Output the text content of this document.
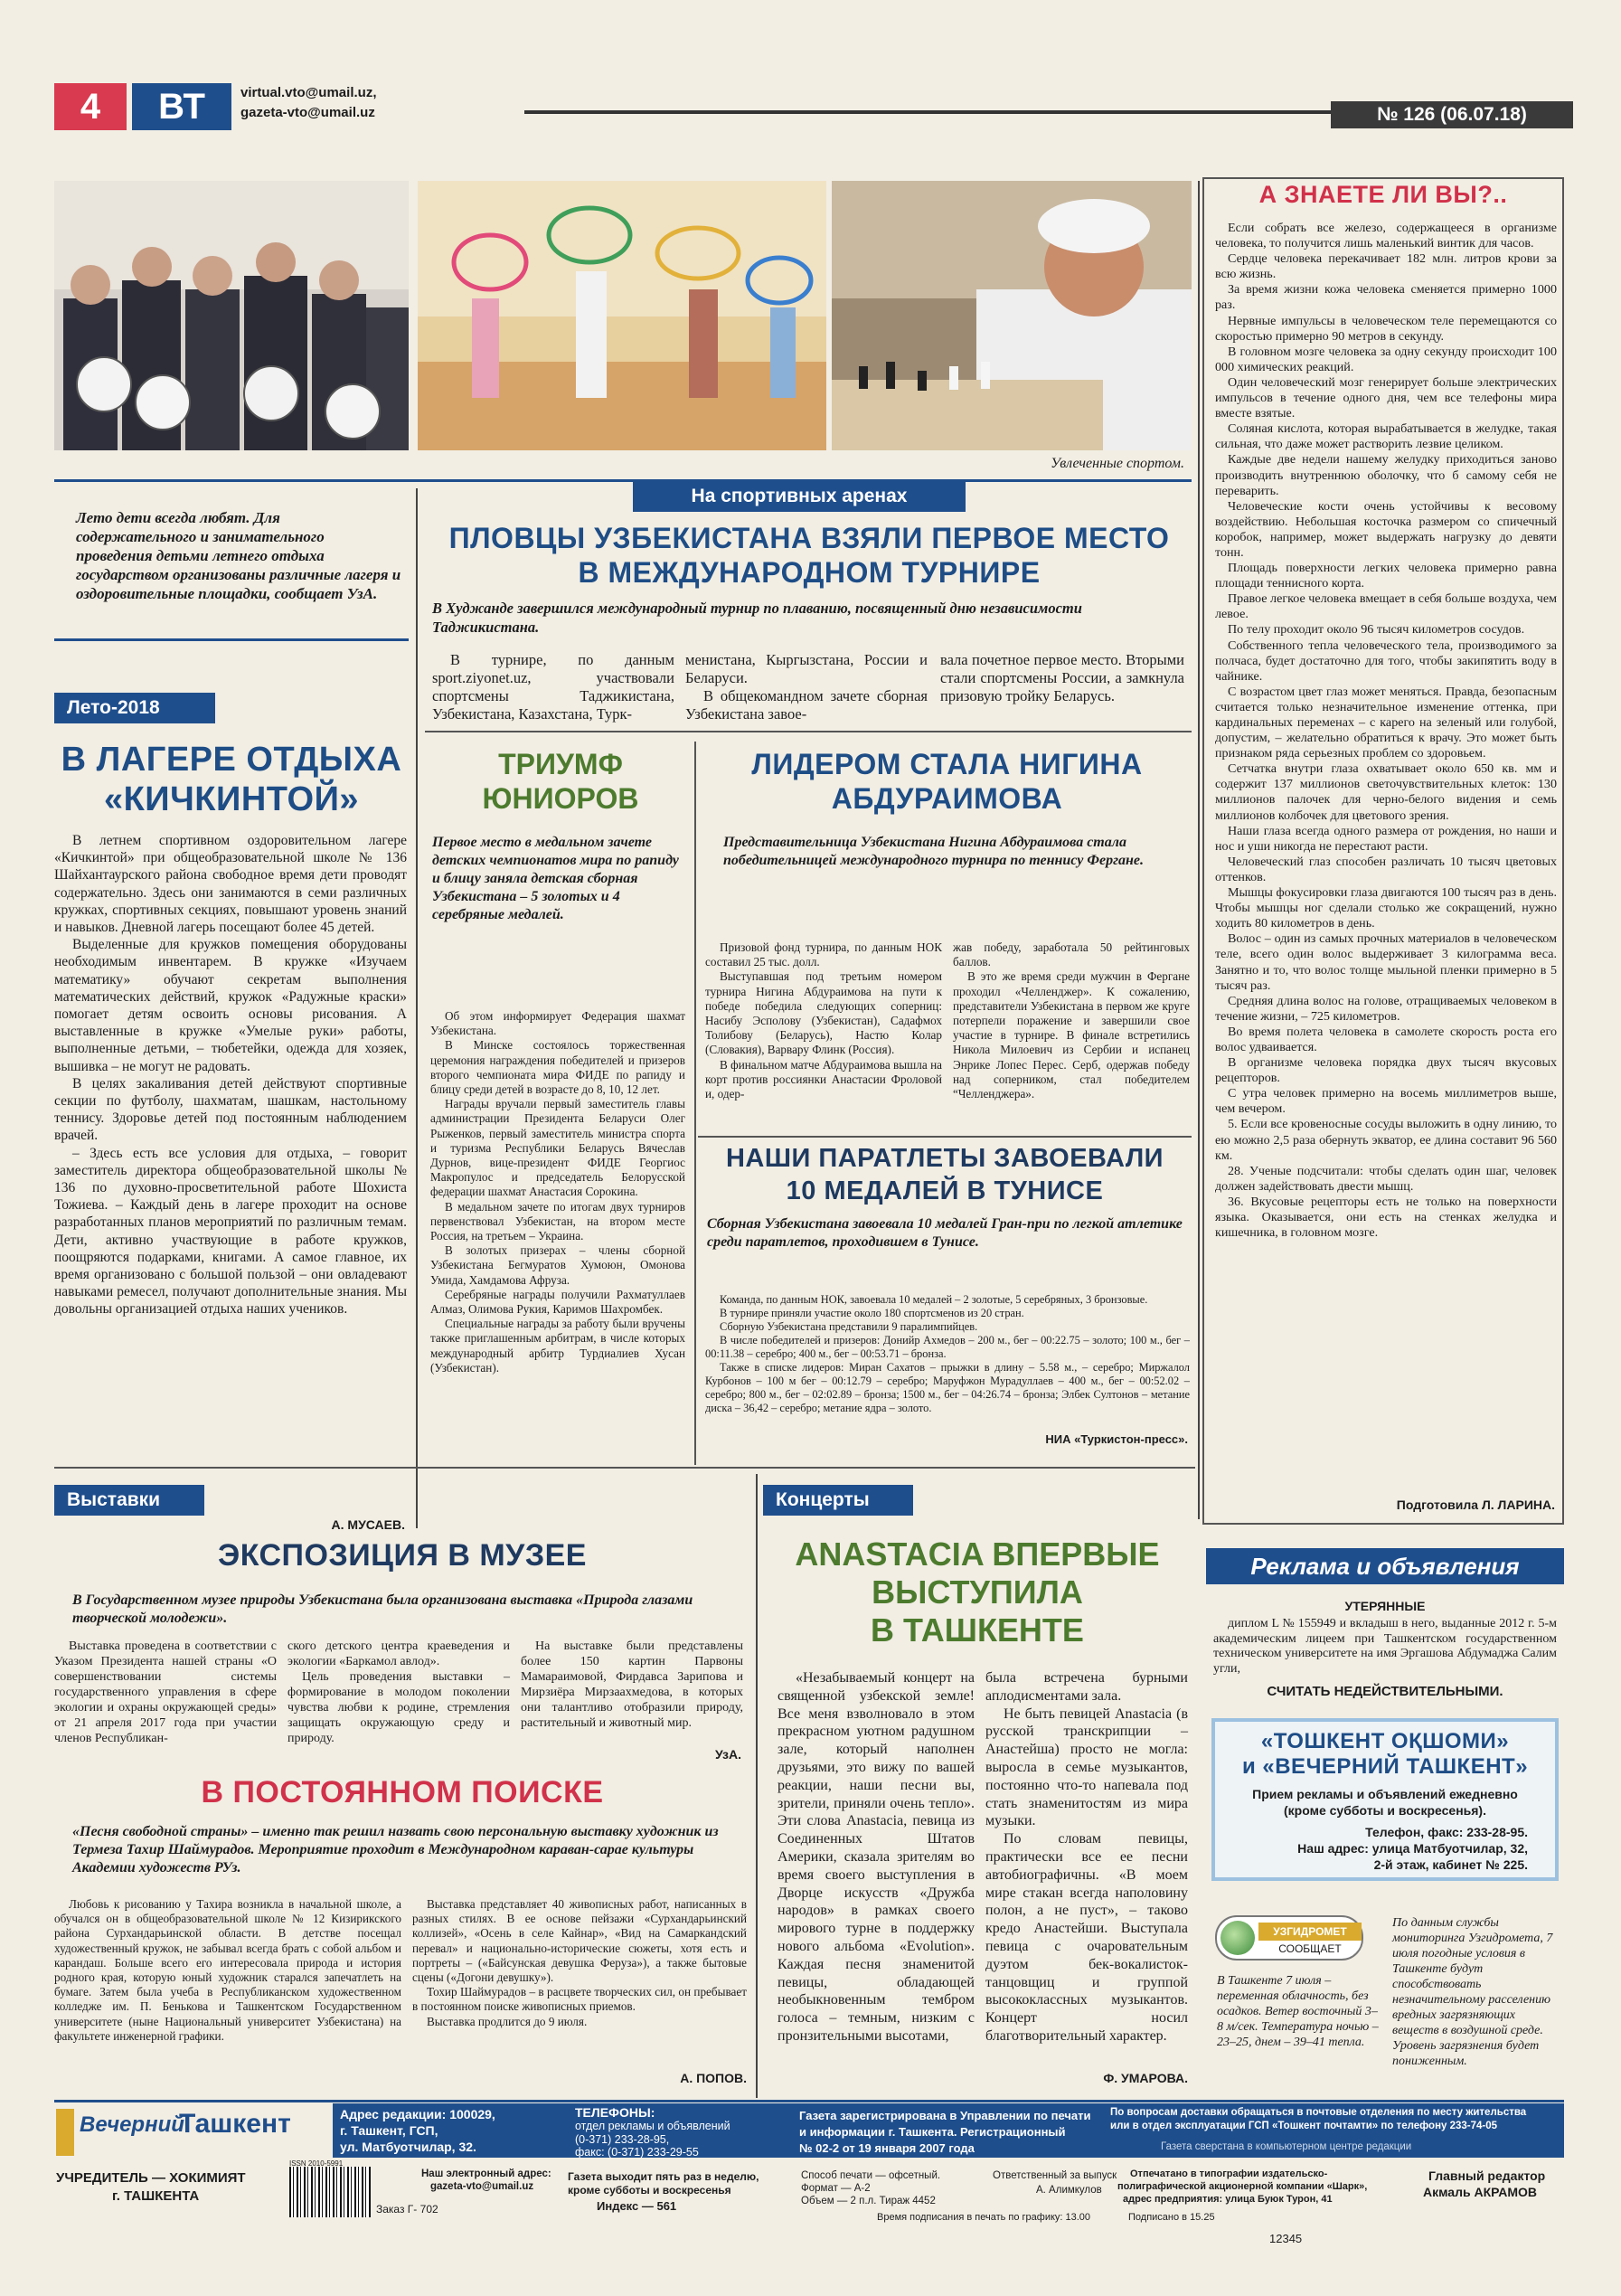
4	ВТ	virtual.vto@umail.uz,
gazeta-vto@umail.uz	№ 126 (06.07.18)
Фото
Увлеченные спортом.
Лето дети всегда любят. Для содержательного и занимательного проведения детьми летнего отдыха государством организованы различные лагеря и оздоровительные площадки, сообщает УзА.
Лето-2018
В ЛАГЕРЕ ОТДЫХА
«КИЧКИНТОЙ»

В летнем спортивном оздоровительном лагере «Кичкинтой» при общеобразовательной школе № 136 Шайхантаурского района свободное время дети проводят содержательно. Здесь они занимаются в семи различных кружках, спортивных секциях, повышают уровень знаний и навыков. Дневной лагерь посещают более 45 детей.

Выделенные для кружков помещения оборудованы необходимым инвентарем. В кружке «Изучаем математику» обучают секретам выполнения математических действий, кружок «Радужные краски» помогает детям освоить основы рисования. А выставленные в кружке «Умелые руки» работы, выполненные детьми, – тюбетейки, одежда для хозяек, вышивка – не могут не радовать.

В целях закаливания детей действуют спортивные секции по футболу, шахматам, шашкам, настольному теннису. Здоровье детей под постоянным наблюдением врачей.

– Здесь есть все условия для отдыха, – говорит заместитель директора общеобразовательной школы № 136 по духовно-просветительной работе Шохиста Тожиева. – Каждый день в лагере проходит на основе разработанных планов мероприятий по различным темам. Дети, активно участвующие в работе кружков, поощряются подарками, книгами. А самое главное, их время организовано с большой пользой – они овладевают навыками ремесел, получают дополнительные знания. Мы довольны организацией отдыха наших учеников.

А. МУСАЕВ.
На спортивных аренах
ПЛОВЦЫ УЗБЕКИСТАНА ВЗЯЛИ ПЕРВОЕ МЕСТО
В МЕЖДУНАРОДНОМ ТУРНИРЕ
В Худжанде завершился международный турнир по плаванию, посвященный дню независимости Таджикистана.

В турнире, по данным sport.ziyonet.uz, участвовали спортсмены Таджикистана, Узбекистана, Казахстана, Турк-

менистана, Кыргызстана, России и Беларуси.

В общекомандном зачете сборная Узбекистана завое-

вала почетное первое место. Вторыми стали спортсмены России, а замкнула призовую тройку Беларусь.

ТРИУМФ
ЮНИОРОВ
Первое место в медальном зачете детских чемпионатов мира по рапиду и блицу заняла детская сборная Узбекистана – 5 золотых и 4 серебряные медалей.

Об этом информирует Федерация шахмат Узбекистана.

В Минске состоялось торжественная церемония награждения победителей и призеров второго чемпионата мира ФИДЕ по рапиду и блицу среди детей в возрасте до 8, 10, 12 лет.

Награды вручали первый заместитель главы администрации Президента Беларуси Олег Рыженков, первый заместитель министра спорта и туризма Республики Беларусь Вячеслав Дурнов, вице-президент ФИДЕ Георгиос Макропулос и председатель Белорусской федерации шахмат Анастасия Сорокина.

В медальном зачете по итогам двух турниров первенствовал Узбекистан, на втором месте Россия, на третьем – Украина.

В золотых призерах – члены сборной Узбекистана Бегмуратов Хумоюн, Омонова Умида, Хамдамова Афруза.

Серебряные награды получили Рахматуллаев Алмаз, Олимова Рукия, Каримов Шахромбек.

Специальные награды за работу были вручены также приглашенным арбитрам, в числе которых международный арбитр Турдиалиев Хусан (Узбекистан).

ЛИДЕРОМ СТАЛА НИГИНА
АБДУРАИМОВА
Представительница Узбекистана Нигина Абдураимова стала победительницей международного турнира по теннису Фергане.

Призовой фонд турнира, по данным НОК составил 25 тыс. долл.

Выступавшая под третьим номером турнира Нигина Абдураимова на пути к победе победила следующих соперниц: Насибу Эсполову (Узбекистан), Садафмох Толибову (Беларусь), Настю Колар (Словакия), Варвару Флинк (Россия).

В финальном матче Абдураимова вышла на корт против россиянки Анастасии Фроловой и, одер-

жав победу, заработала 50 рейтинговых баллов.

В это же время среди мужчин в Фергане проходил «Челленджер». К сожалению, представители Узбекистана в первом же круге потерпели поражение и завершили свое участие в турнире. В финале встретились Никола Милоевич из Сербии и испанец Энрике Лопес Перес. Серб, одержав победу над соперником, стал победителем “Челленджера».

НАШИ ПАРАТЛЕТЫ ЗАВОЕВАЛИ
10 МЕДАЛЕЙ В ТУНИСЕ
Сборная Узбекистана завоевала 10 медалей Гран-при по легкой атлетике среди паратлетов, проходившем в Тунисе.

Команда, по данным НОК, завоевала 10 медалей – 2 золотые, 5 серебряных, 3 бронзовые.

В турнире приняли участие около 180 спортсменов из 20 стран.

Сборную Узбекистана представили 9 паралимпийцев.

В числе победителей и призеров: Донийр Ахмедов – 200 м., бег – 00:22.75 – золото; 100 м., бег – 00:11.38 – серебро; 400 м., бег – 00:53.71 – бронза.

Также в списке лидеров: Миран Сахатов – прыжки в длину – 5.58 м., – серебро; Миржалол Курбонов – 100 м бег – 00:12.79 – серебро; Маруфжон Мурадуллаев – 400 м., бег – 00:52.02 – серебро; 800 м., бег – 02:02.89 – бронза; 1500 м., бег – 04:26.74 – бронза; Элбек Султонов – метание диска – 36,42 – серебро; метание ядра – золото.

НИА «Туркистон-пресс».
А ЗНАЕТЕ ЛИ ВЫ?..

Если собрать все железо, содержащееся в организме человека, то получится лишь маленький винтик для часов.

Сердце человека перекачивает 182 млн. литров крови за всю жизнь.

За время жизни кожа человека сменяется примерно 1000 раз.

Нервные импульсы в человеческом теле перемещаются со скоростью примерно 90 метров в секунду.

В головном мозге человека за одну секунду происходит 100 000 химических реакций.

Один человеческий мозг генерирует больше электрических импульсов в течение одного дня, чем все телефоны мира вместе взятые.

Соляная кислота, которая вырабатывается в желудке, такая сильная, что даже может растворить лезвие целиком.

Каждые две недели нашему желудку приходиться заново производить внутреннюю оболочку, что б самому себя не переварить.

Человеческие кости очень устойчивы к весовому воздействию. Небольшая косточка размером со спичечный коробок, например, может выдержать нагрузку до девяти тонн.

Площадь поверхности легких человека примерно равна площади теннисного корта.

Правое легкое человека вмещает в себя больше воздуха, чем левое.

По телу проходит около 96 тысяч километров сосудов.

Собственного тепла человеческого тела, производимого за полчаса, будет достаточно для того, чтобы закипятить воду в чайнике.

С возрастом цвет глаз может меняться. Правда, безопасным считается только незначительное изменение оттенка, при кардинальных переменах – с карего на зеленый или голубой, допустим, – желательно обратиться к врачу. Это может быть признаком ряда серьезных проблем со здоровьем.

Сетчатка внутри глаза охватывает около 650 кв. мм и содержит 137 миллионов светочувствительных клеток: 130 миллионов палочек для черно-белого видения и семь миллионов колбочек для цветового зрения.

Наши глаза всегда одного размера от рождения, но наши и нос и уши никогда не перестают расти.

Человеческий глаз способен различать 10 тысяч цветовых оттенков.

Мышцы фокусировки глаза двигаются 100 тысяч раз в день. Чтобы мышцы ног сделали столько же сокращений, нужно ходить 80 километров в день.

Волос – один из самых прочных материалов в человеческом теле, всего один волос выдерживает 3 килограмма веса. Занятно и то, что волос толще мыльной пленки примерно в 5 тысяч раз.

Средняя длина волос на голове, отращиваемых человеком в течение жизни, – 725 километров.

Во время полета человека в самолете скорость роста его волос удваивается.

В организме человека порядка двух тысяч вкусовых рецепторов.

С утра человек примерно на восемь миллиметров выше, чем вечером.

5. Если все кровеносные сосуды выложить в одну линию, то ею можно 2,5 раза обернуть экватор, ее длина составит 96 560 км.

28. Ученые подсчитали: чтобы сделать один шаг, человек должен задействовать двести мышц.

36. Вкусовые рецепторы есть не только на поверхности языка. Оказывается, они есть на стенках желудка и кишечника, в головном мозге.

Подготовила Л. ЛАРИНА.
Выставки
ЭКСПОЗИЦИЯ В МУЗЕЕ
В Государственном музее природы Узбекистана была организована выставка «Природа глазами творческой молодежи».

Выставка проведена в соответствии с Указом Президента нашей страны «О совершенствовании системы государственного управления в сфере экологии и охраны окружающей среды» от 21 апреля 2017 года при участии членов Республикан-

ского детского центра краеведения и экологии «Баркамол авлод».

Цель проведения выставки – формирование в молодом поколении чувства любви к родине, стремления защищать окружающую среду и природу.

На выставке были представлены более 150 картин Парвоны Мамараимовой, Фирдавса Зарипова и Мирзиёра Мирзаахмедова, в которых они талантливо отобразили природу, растительный и животный мир.

УзА.
В ПОСТОЯННОМ ПОИСКЕ
«Песня свободной страны» – именно так решил назвать свою персональную выставку художник из Термеза Тахир Шаймурадов. Мероприятие проходит в Международном караван-сарае культуры Академии художеств РУз.

Любовь к рисованию у Тахира возникла в начальной школе, а обучался он в общеобразовательной школе № 12 Кизирикского района Сурхандарьинской области. В детстве посещал художественный кружок, не забывал всегда брать с собой альбом и карандаш. Больше всего его интересовала природа и история родного края, которую юный художник старался запечатлеть на бумаге. Затем была учеба в Республиканском художественном колледже им. П. Бенькова и Ташкентском Государственном университете (ныне Национальный университет Узбекистана) на факультете инженерной графики.

Выставка представляет 40 живописных работ, написанных в разных стилях. В ее основе пейзажи «Сурхандарьинский коллизей», «Осень в селе Кайнар», «Вид на Самаркандский перевал» и национально-исторические сюжеты, хотя есть и портреты – («Байсунская девушка Феруза»), а также бытовые сцены («Догони девушку»).

Тохир Шаймурадов – в расцвете творческих сил, он пребывает в постоянном поиске живописных приемов.

Выставка продлится до 9 июля.

А. ПОПОВ.
Концерты
ANASTACIA ВПЕРВЫЕ
ВЫСТУПИЛА
В ТАШКЕНТЕ

«Незабываемый концерт на священной узбекской земле! Все меня взволновало в этом прекрасном уютном радушном зале, который наполнен друзьями, это вижу по вашей реакции, наши песни вы, зрители, приняли очень тепло». Эти слова Anastacia, певица из Соединенных Штатов Америки, сказала зрителям во время своего выступления в Дворце искусств «Дружба народов» в рамках своего мирового турне в поддержку нового альбома «Evolution». Каждая песня знаменитой певицы, обладающей необыкновенным тембром голоса – темным, низким с пронзительными высотами,

была встречена бурными аплодисментами зала.

Не быть певицей Anastacia (в русской транскрипции – Анастейша) просто не могла: выросла в семье музыкантов, постоянно что-то напевала под стать знаменитостям из мира музыки.

По словам певицы, практически все ее песни автобиографичны. «В моем мире стакан всегда наполовину полон, а не пуст», – таково кредо Анастейши. Выступала певица с очаровательным дуэтом бек-вокалисток-танцовщиц и группой высококлассных музыкантов. Концерт носил благотворительный характер.

Ф. УМАРОВА.
Реклама и объявления
УТЕРЯННЫЕ

диплом L № 155949 и вкладыш в него, выданные 2012 г. 5-м академическим лицеем при Ташкентском государственном техническом университете на имя Эргашова Абдумаджа Салим угли,

СЧИТАТЬ НЕДЕЙСТВИТЕЛЬНЫМИ.
«ТОШКЕНТ ОҚШОМИ»
и «ВЕЧЕРНИЙ ТАШКЕНТ»
Прием рекламы и объявлений ежедневно
(кроме субботы и воскресенья).
Телефон, факс: 233-28-95.
Наш адрес: улица Матбуотчилар, 32,
2-й этаж, кабинет № 225.
УЗГИДРОМЕТ
СООБЩАЕТ
В Ташкенте 7 июля – переменная облачность, без осадков. Ветер восточный 3–8 м/сек. Температура ночью – 23–25, днем – 39–41 тепла.
По данным службы мониторинга Узгидромета, 7 июля погодные условия в Ташкенте будут способствовать незначительному расселению вредных загрязняющих веществ в воздушной среде. Уровень загрязнения будет пониженным.
Вечерний
Ташкент	Адрес редакции: 100029,
г. Ташкент, ГСП,
ул. Матбуотчилар, 32.
ТЕЛЕФОНЫ:
отдел рекламы и объявлений
(0-371) 233-28-95,
факс: (0-371) 233-29-55
Газета зарегистрирована в Управлении по печати
и информации г. Ташкента. Регистрационный
№ 02-2 от 19 января 2007 года
По вопросам доставки обращаться в почтовые отделения по месту жительства
или в отдел эксплуатации ГСП «Тошкент почтамти» по телефону 233-74-05
Газета сверстана в компьютерном центре редакции
УЧРЕДИТЕЛЬ — ХОКИМИЯТ
г. ТАШКЕНТА
ISSN 2010-5991
Заказ Г- 702
Наш электронный адрес:
gazeta-vto@umail.uz
Газета выходит пять раз в неделю,
кроме субботы и воскресенья
Индекс — 561
Способ печати — офсетный.
Формат — А-2
Объем — 2 п.л. Тираж 4452
Ответственный за выпуск
А. Алимкулов
Отпечатано в типографии издательско-
полиграфической акционерной компании «Шарк»,
адрес предприятия: улица Буюк Турон, 41
Главный редактор
Акмаль АКРАМОВ
Время подписания в печать по графику: 13.00	Подписано в 15.25
12345
